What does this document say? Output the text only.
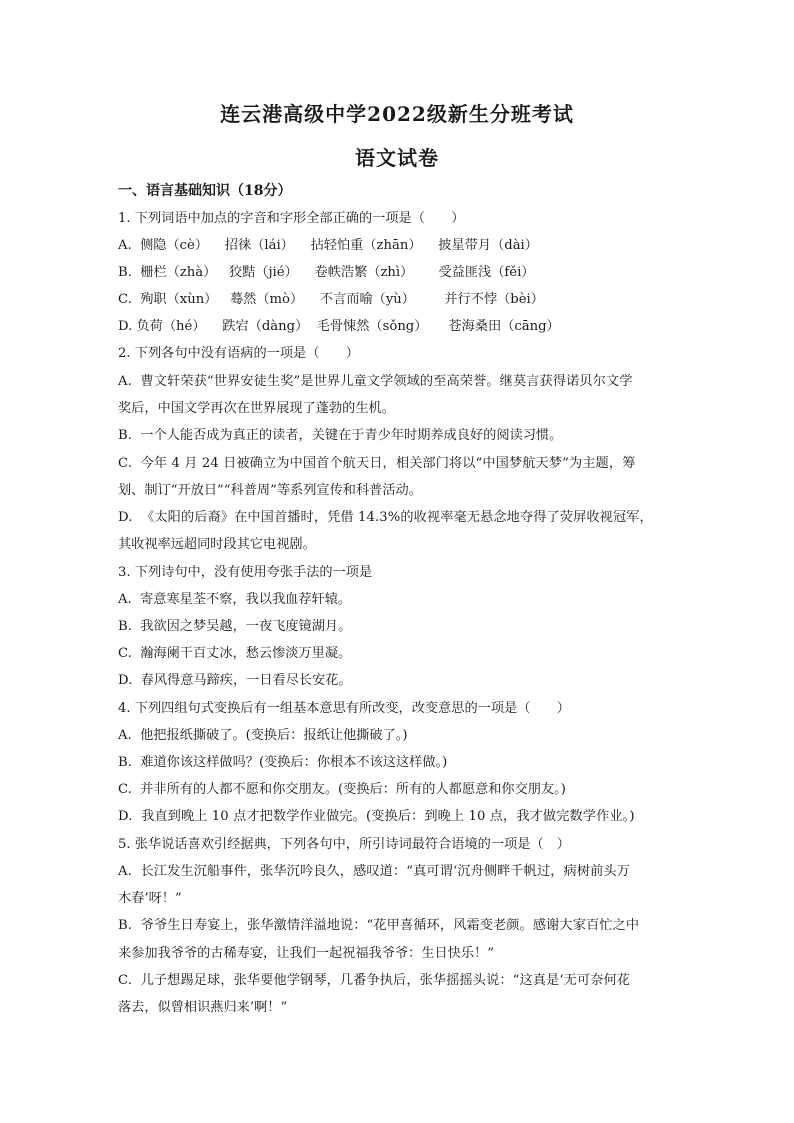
连云港高级中学2022级新生分班考试
语文试卷
一、语言基础知识（18分）
1. 下列词语中加点的字音和字形全部正确的一项是（　　）
A.  侧隐（cè）    招徕（lái）    拈轻怕重（zhān）    披星带月（dài）
B.  栅栏（zhà）   狡黠（jié）    卷帙浩繁（zhì）      受益匪浅（fěi）
C.  殉职（xùn）   蓦然（mò）    不言而喻（yù）       并行不悖（bèi）
D. 负荷（hé）    跌宕（dàng）  毛骨悚然（sǒng）     苍海桑田（cāng）
2. 下列各句中没有语病的一项是（　　）
A.  曹文轩荣获“世界安徒生奖”是世界儿童文学领域的至高荣誉。继莫言获得诺贝尔文学
奖后，中国文学再次在世界展现了蓬勃的生机。
B.  一个人能否成为真正的读者，关键在于青少年时期养成良好的阅读习惯。
C.  今年 4 月 24 日被确立为中国首个航天日，相关部门将以“中国梦航天梦”为主题，筹
划、制订“开放日”“科普周”等系列宣传和科普活动。
D.  《太阳的后裔》在中国首播时，凭借 14.3%的收视率毫无悬念地夺得了荧屏收视冠军，
其收视率远超同时段其它电视剧。
3. 下列诗句中，没有使用夸张手法的一项是
A.  寄意寒星荃不察，我以我血荐轩辕。
B.  我欲因之梦吴越，一夜飞度镜湖月。
C.  瀚海阑干百丈冰，愁云惨淡万里凝。
D.  春风得意马蹄疾，一日看尽长安花。
4. 下列四组句式变换后有一组基本意思有所改变，改变意思的一项是（　　）
A.  他把报纸撕破了。(变换后：报纸让他撕破了。)
B.  难道你该这样做吗？(变换后：你根本不该这这样做。)
C.  并非所有的人都不愿和你交朋友。(变换后：所有的人都愿意和你交朋友。)
D.  我直到晚上 10 点才把数学作业做完。(变换后：到晚上 10 点，我才做完数学作业。)
5. 张华说话喜欢引经据典，下列各句中，所引诗词最符合语境的一项是（　）
A.  长江发生沉船事件，张华沉吟良久，感叹道：“真可谓‘沉舟侧畔千帆过，病树前头万
木春’呀！”
B.  爷爷生日寿宴上，张华激情洋溢地说：“花甲喜循环，风霜变老颜。感谢大家百忙之中
来参加我爷爷的古稀寿宴，让我们一起祝福我爷爷：生日快乐！”
C.  儿子想踢足球，张华要他学钢琴，几番争执后，张华摇摇头说：“这真是‘无可奈何花
落去，似曾相识燕归来’啊！”
